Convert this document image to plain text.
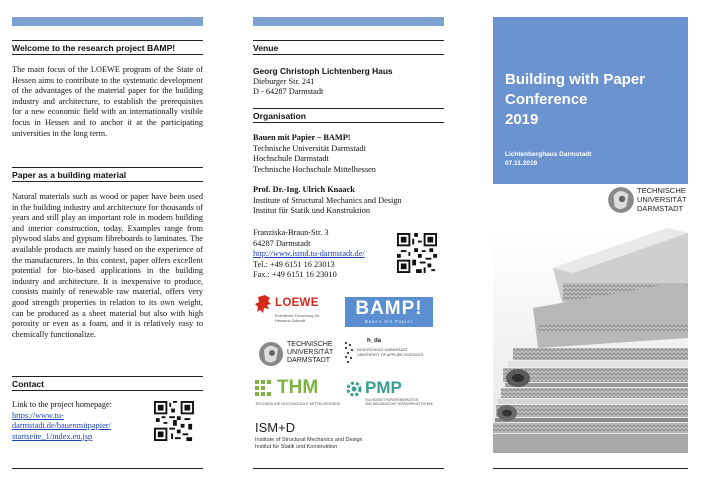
Welcome to the research project BAMP!
The main focus of the LOEWE program of the State of Hessen aims to contribute to the systematic development of the advantages of the material paper for the building industry and architecture, to establish the prerequisites for a new economic field with an internationally visible focus in Hessen and to anchor it at the participating universities in the long term.
Paper as a building material
Natural materials such as wood or paper have been used in the building industry and architecture for thousands of years and still play an important role in modern building and interior construction, today. Examples range from plywood slabs and gypsum fibreboards to laminates. The available products are mainly based on the experience of the manufacturers. In this context, paper offers excellent potential for bio-based applications in the building industry and architecture. It is inexpensive to produce, consists mainly of renewable raw material, offers very good strength properties in relation to its own weight, can be produced as a sheet material but also with high porosity or even as a foam, and it is relatively easy to chemically functionalize.
Contact
Link to the project homepage:
https://www.tu-
darmstadt.de/bauenmitpapier/
startseite_1/index.en.jsp
Venue
Georg Christoph Lichtenberg Haus
Dieburger Str. 241
D - 64287 Darmstadt
Organisation
Bauen mit Papier – BAMP!
Technische Universität Darmstadt
Hochschule Darmstadt
Technische Hochschule Mittelhessen
Prof. Dr.-Ing. Ulrich Knaack
Institute of Structural Mechanics and Design
Institut für Statik und Konstruktion
Franziska-Braun-Str. 3
64287 Darmstadt
http://www.ismd.tu-darmstadt.de/
Tel.: +49 6151 16 23013
Fax.: +49 6151 16 23010
LOEWE
Exzellente Forschung für
Hessens Zukunft
BAMP!
Bauen mit Papier
TECHNISCHE
UNIVERSITÄT
DARMSTADT
h_da
HOCHSCHULE DARMSTADT
UNIVERSITY OF APPLIED SCIENCES
THM
TECHNISCHE HOCHSCHULE MITTELHESSEN
PMP
FACHGEBIET PAPIERFABRIKATION
UND MECHANISCHE VERFAHRENSTECHNIK
ISM+D
Institute of Structural Mechanics and Design
Institut für Statik und Konstruktion
Building with Paper
Conference
2019
Lichtenberghaus Darmstadt
07.11.2019
TECHNISCHE
UNIVERSITÄT
DARMSTADT
